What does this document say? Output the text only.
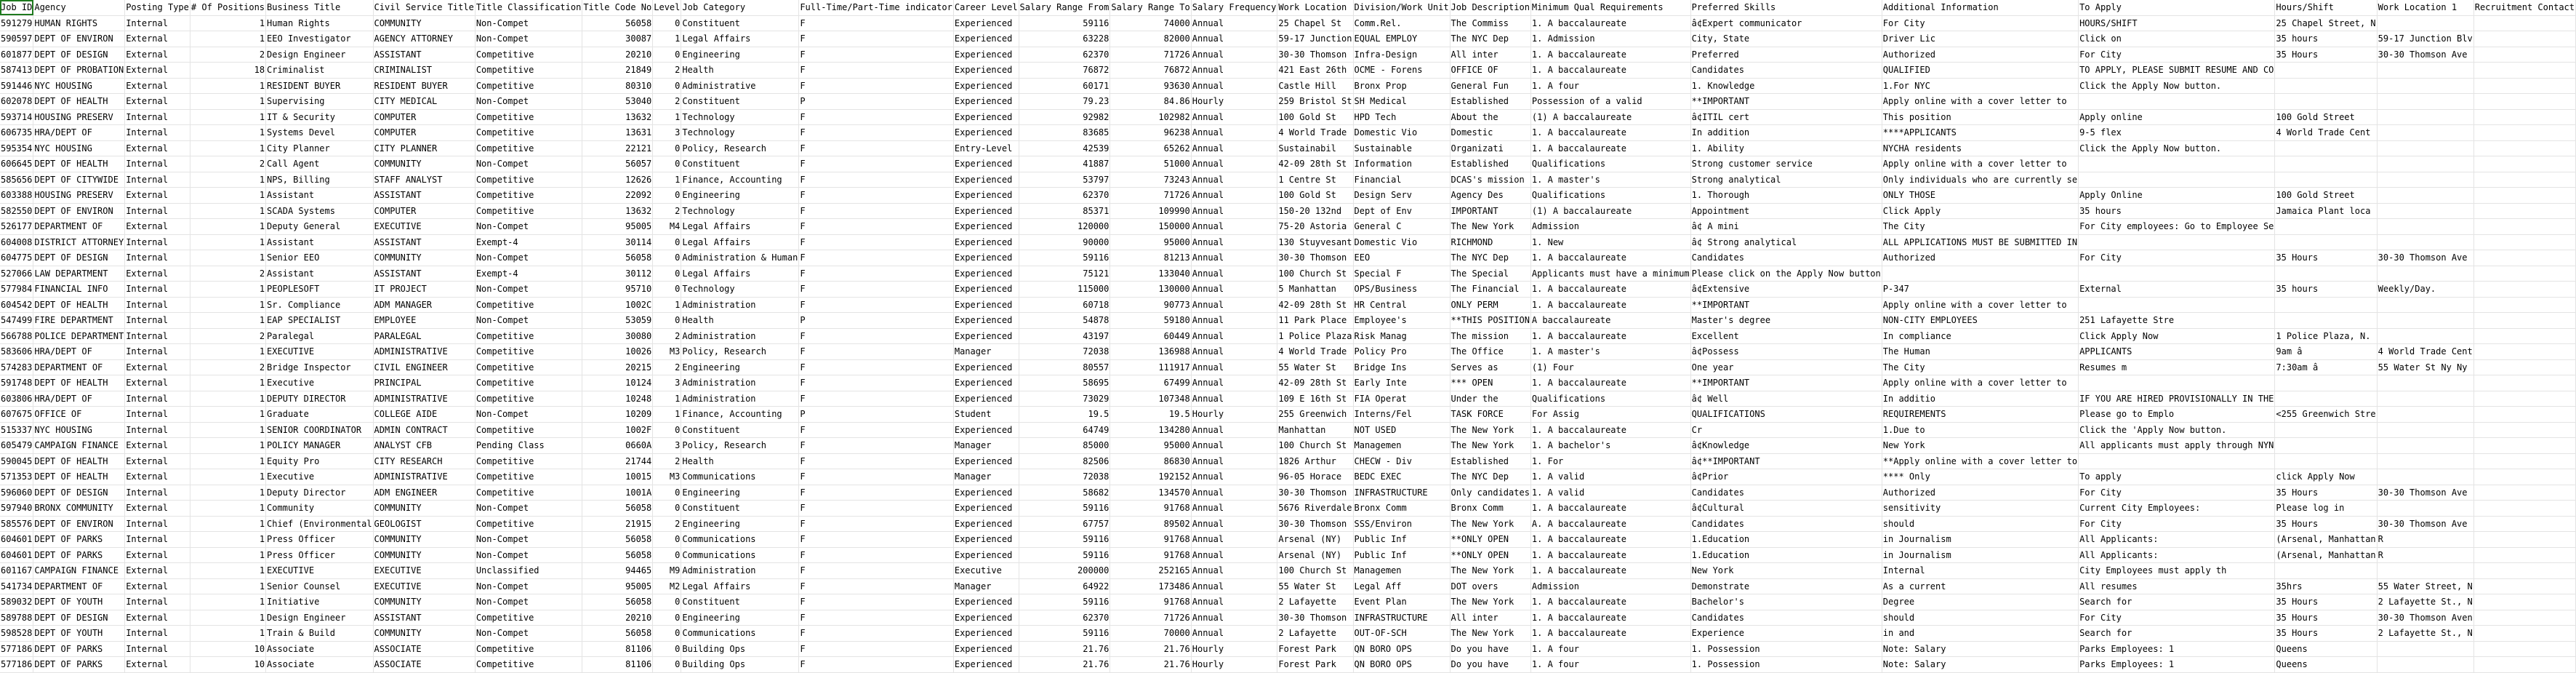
Job ID	Agency	Posting Type	# Of Positions	Business Title	Civil Service Title	Title Classification	Title Code No	Level	Job Category	Full-Time/Part-Time indicator	Career Level	Salary Range From	Salary Range To	Salary Frequency	Work Location	Division/Work Unit	Job Description	Minimum Qual Requirements	Preferred Skills	Additional Information	To Apply	Hours/Shift	Work Location 1	Recruitment Contact
591279	HUMAN RIGHTS	Internal	1	Human Rights	COMMUNITY	Non-Compet	56058	0	Constituent	F	Experienced	59116	74000	Annual	25 Chapel St	Comm.Rel.	The Commiss	1. A baccalaureate	â¢Expert communicator	For City	HOURS/SHIFT	25 Chapel Street, N		
590597	DEPT OF ENVIRON	External	1	EEO Investigator	AGENCY ATTORNEY	Non-Compet	30087	1	Legal Affairs	F	Experienced	63228	82000	Annual	59-17 Junction	EQUAL EMPLOY	The NYC Dep	1. Admission	City, State	Driver Lic	Click on	35 hours	59-17 Junction Blv	
601877	DEPT OF DESIGN	External	2	Design Engineer	ASSISTANT	Competitive	20210	0	Engineering	F	Experienced	62370	71726	Annual	30-30 Thomson	Infra-Design	All inter	1. A baccalaureate	Preferred	Authorized	For City	35 Hours	30-30 Thomson Ave	
587413	DEPT OF PROBATION	External	18	Criminalist	CRIMINALIST	Competitive	21849	2	Health	F	Experienced	76872	76872	Annual	421 East 26th	OCME - Forens	OFFICE OF	1. A baccalaureate	Candidates	QUALIFIED	TO APPLY, PLEASE SUBMIT RESUME AND CO			
591446	NYC HOUSING	External	1	RESIDENT BUYER	RESIDENT BUYER	Competitive	80310	0	Administrative	F	Experienced	60171	93630	Annual	Castle Hill	Bronx Prop	General Fun	1. A four	1. Knowledge	1.For NYC	Click the Apply Now button.			
602078	DEPT OF HEALTH	External	1	Supervising	CITY MEDICAL	Non-Compet	53040	2	Constituent	P	Experienced	79.23	84.86	Hourly	259 Bristol St	SH Medical	Established	Possession of a valid	**IMPORTANT	Apply online with a cover letter to				
593714	HOUSING PRESERV	Internal	1	IT & Security	COMPUTER	Competitive	13632	1	Technology	F	Experienced	92982	102982	Annual	100 Gold St	HPD Tech	About the	(1) A baccalaureate	â¢ITIL cert	This position	Apply online	100 Gold Street		
606735	HRA/DEPT OF	Internal	1	Systems Devel	COMPUTER	Competitive	13631	3	Technology	F	Experienced	83685	96238	Annual	4 World Trade	Domestic Vio	Domestic	1. A baccalaureate	In addition	****APPLICANTS	9-5 flex	4 World Trade Cent		
595354	NYC HOUSING	External	1	City Planner	CITY PLANNER	Competitive	22121	0	Policy, Research	F	Entry-Level	42539	65262	Annual	Sustainabil	Sustainable	Organizati	1. A baccalaureate	1. Ability	NYCHA residents	Click the Apply Now button.			
606645	DEPT OF HEALTH	Internal	2	Call Agent	COMMUNITY	Non-Compet	56057	0	Constituent	F	Experienced	41887	51000	Annual	42-09 28th St	Information	Established	Qualifications	Strong customer service	Apply online with a cover letter to				
585656	DEPT OF CITYWIDE	Internal	1	NPS, Billing	STAFF ANALYST	Competitive	12626	1	Finance, Accounting	F	Experienced	53797	73243	Annual	1 Centre St	Financial	DCAS's mission	1. A master's	Strong analytical	Only individuals who are currently se				
603388	HOUSING PRESERV	External	1	Assistant	ASSISTANT	Competitive	22092	0	Engineering	F	Experienced	62370	71726	Annual	100 Gold St	Design Serv	Agency Des	Qualifications	1. Thorough	ONLY THOSE	Apply Online	100 Gold Street		
582550	DEPT OF ENVIRON	Internal	1	SCADA Systems	COMPUTER	Competitive	13632	2	Technology	F	Experienced	85371	109990	Annual	150-20 132nd	Dept of Env	IMPORTANT	(1) A baccalaureate	Appointment	Click Apply	35 hours	Jamaica Plant loca		
526177	DEPARTMENT OF	External	1	Deputy General	EXECUTIVE	Non-Compet	95005	M4	Legal Affairs	F	Experienced	120000	150000	Annual	75-20 Astoria	General C	The New York	Admission	â¢ A mini	The City	For City employees: Go to Employee Se			
604008	DISTRICT ATTORNEY	Internal	1	Assistant	ASSISTANT	Exempt-4	30114	0	Legal Affairs	F	Experienced	90000	95000	Annual	130 Stuyvesant	Domestic Vio	RICHMOND	1. New	â¢ Strong analytical	ALL APPLICATIONS MUST BE SUBMITTED IN				
604775	DEPT OF DESIGN	Internal	1	Senior EEO	COMMUNITY	Non-Compet	56058	0	Administration & Human	F	Experienced	59116	81213	Annual	30-30 Thomson	EEO	The NYC Dep	1. A baccalaureate	Candidates	Authorized	For City	35 Hours	30-30 Thomson Ave	
527066	LAW DEPARTMENT	External	2	Assistant	ASSISTANT	Exempt-4	30112	0	Legal Affairs	F	Experienced	75121	133040	Annual	100 Church St	Special F	The Special	Applicants must have a minimum	Please click on the Apply Now button					
577984	FINANCIAL INFO	Internal	1	PEOPLESOFT	IT PROJECT	Non-Compet	95710	0	Technology	F	Experienced	115000	130000	Annual	5 Manhattan	OPS/Business	The Financial	1. A baccalaureate	â¢Extensive	P-347	External	35 hours	Weekly/Day.	
604542	DEPT OF HEALTH	Internal	1	Sr. Compliance	ADM MANAGER	Competitive	1002C	1	Administration	F	Experienced	60718	90773	Annual	42-09 28th St	HR Central	ONLY PERM	1. A baccalaureate	**IMPORTANT	Apply online with a cover letter to				
547499	FIRE DEPARTMENT	Internal	1	EAP SPECIALIST	EMPLOYEE	Non-Compet	53059	0	Health	P	Experienced	54878	59180	Annual	11 Park Place	Employee's	**THIS POSITION	A baccalaureate	Master's degree	NON-CITY EMPLOYEES	251 Lafayette Stre			
566788	POLICE DEPARTMENT	Internal	2	Paralegal	PARALEGAL	Competitive	30080	2	Administration	F	Experienced	43197	60449	Annual	1 Police Plaza	Risk Manag	The mission	1. A baccalaureate	Excellent	In compliance	Click Apply Now	1 Police Plaza, N.		
583606	HRA/DEPT OF	Internal	1	EXECUTIVE	ADMINISTRATIVE	Competitive	10026	M3	Policy, Research	F	Manager	72038	136988	Annual	4 World Trade	Policy Pro	The Office	1. A master's	â¢Possess	The Human	APPLICANTS	9am â	4 World Trade Cent	
574283	DEPARTMENT OF	External	2	Bridge Inspector	CIVIL ENGINEER	Competitive	20215	2	Engineering	F	Experienced	80557	111917	Annual	55 Water St	Bridge Ins	Serves as	(1) Four	One year	The City	Resumes m	7:30am â	55 Water St Ny Ny	
591748	DEPT OF HEALTH	External	1	Executive	PRINCIPAL	Competitive	10124	3	Administration	F	Experienced	58695	67499	Annual	42-09 28th St	Early Inte	*** OPEN	1. A baccalaureate	**IMPORTANT	Apply online with a cover letter to				
603806	HRA/DEPT OF	Internal	1	DEPUTY DIRECTOR	ADMINISTRATIVE	Competitive	10248	1	Administration	F	Experienced	73029	107348	Annual	109 E 16th St	FIA Operat	Under the	Qualifications	â¢ Well	In additio	IF YOU ARE HIRED PROVISIONALLY IN THE			
607675	OFFICE OF	Internal	1	Graduate	COLLEGE AIDE	Non-Compet	10209	1	Finance, Accounting	P	Student	19.5	19.5	Hourly	255 Greenwich	Interns/Fel	TASK FORCE	For Assig	QUALIFICATIONS	REQUIREMENTS	Please go to Emplo	<255 Greenwich Stre		
515337	NYC HOUSING	Internal	1	SENIOR COORDINATOR	ADMIN CONTRACT	Competitive	1002F	0	Constituent	F	Experienced	64749	134280	Annual	Manhattan	NOT USED	The New York	1. A baccalaureate	Cr	1.Due to	Click the 'Apply Now button.			
605479	CAMPAIGN FINANCE	External	1	POLICY MANAGER	ANALYST CFB	Pending Class	0660A	3	Policy, Research	F	Manager	85000	95000	Annual	100 Church St	Managemen	The New York	1. A bachelor's	â¢Knowledge	New York	All applicants must apply through NYN			
590045	DEPT OF HEALTH	External	1	Equity Pro	CITY RESEARCH	Competitive	21744	2	Health	F	Experienced	82506	86830	Annual	1826 Arthur	CHECW - Div	Established	1. For	â¢**IMPORTANT	**Apply online with a cover letter to				
571353	DEPT OF HEALTH	External	1	Executive	ADMINISTRATIVE	Competitive	10015	M3	Communications	F	Manager	72038	192152	Annual	96-05 Horace	BEDC EXEC	The NYC Dep	1. A valid	â¢Prior	**** Only	To apply	click Apply Now		
596060	DEPT OF DESIGN	Internal	1	Deputy Director	ADM ENGINEER	Competitive	1001A	0	Engineering	F	Experienced	58682	134570	Annual	30-30 Thomson	INFRASTRUCTURE	Only candidates	1. A valid	Candidates	Authorized	For City	35 Hours	30-30 Thomson Ave	
597940	BRONX COMMUNITY	External	1	Community	COMMUNITY	Non-Compet	56058	0	Constituent	F	Experienced	59116	91768	Annual	5676 Riverdale	Bronx Comm	Bronx Comm	1. A baccalaureate	â¢Cultural	sensitivity	Current City Employees:	Please log in		
585576	DEPT OF ENVIRON	Internal	1	Chief (Environmental	GEOLOGIST	Competitive	21915	2	Engineering	F	Experienced	67757	89502	Annual	30-30 Thomson	SSS/Environ	The New York	A. A baccalaureate	Candidates	should	For City	35 Hours	30-30 Thomson Ave	
604601	DEPT OF PARKS	Internal	1	Press Officer	COMMUNITY	Non-Compet	56058	0	Communications	F	Experienced	59116	91768	Annual	Arsenal (NY)	Public Inf	**ONLY OPEN	1. A baccalaureate	1.Education	in Journalism	All Applicants:	(Arsenal, Manhattan	R	
604601	DEPT OF PARKS	External	1	Press Officer	COMMUNITY	Non-Compet	56058	0	Communications	F	Experienced	59116	91768	Annual	Arsenal (NY)	Public Inf	**ONLY OPEN	1. A baccalaureate	1.Education	in Journalism	All Applicants:	(Arsenal, Manhattan	R	
601167	CAMPAIGN FINANCE	External	1	EXECUTIVE	EXECUTIVE	Unclassified	94465	M9	Administration	F	Executive	200000	252165	Annual	100 Church St	Managemen	The New York	1. A baccalaureate	New York	Internal	City Employees must apply th			
541734	DEPARTMENT OF	External	1	Senior Counsel	EXECUTIVE	Non-Compet	95005	M2	Legal Affairs	F	Manager	64922	173486	Annual	55 Water St	Legal Aff	DOT overs	Admission	Demonstrate	As a current	All resumes	35hrs	55 Water Street, N	
589032	DEPT OF YOUTH	Internal	1	Initiative	COMMUNITY	Non-Compet	56058	0	Constituent	F	Experienced	59116	91768	Annual	2 Lafayette	Event Plan	The New York	1. A baccalaureate	Bachelor's	Degree	Search for	35 Hours	2 Lafayette St., N	
589788	DEPT OF DESIGN	External	1	Design Engineer	ASSISTANT	Competitive	20210	0	Engineering	F	Experienced	62370	71726	Annual	30-30 Thomson	INFRASTRUCTURE	All inter	1. A baccalaureate	Candidates	should	For City	35 Hours	30-30 Thomson Aven	
598528	DEPT OF YOUTH	Internal	1	Train & Build	COMMUNITY	Non-Compet	56058	0	Communications	F	Experienced	59116	70000	Annual	2 Lafayette	OUT-OF-SCH	The New York	1. A baccalaureate	Experience	in and	Search for	35 Hours	2 Lafayette St., N	
577186	DEPT OF PARKS	Internal	10	Associate	ASSOCIATE	Competitive	81106	0	Building Ops	F	Experienced	21.76	21.76	Hourly	Forest Park	QN BORO OPS	Do you have	1. A four	1. Possession	Note: Salary	Parks Employees: 1	Queens		
577186	DEPT OF PARKS	External	10	Associate	ASSOCIATE	Competitive	81106	0	Building Ops	F	Experienced	21.76	21.76	Hourly	Forest Park	QN BORO OPS	Do you have	1. A four	1. Possession	Note: Salary	Parks Employees: 1	Queens		
